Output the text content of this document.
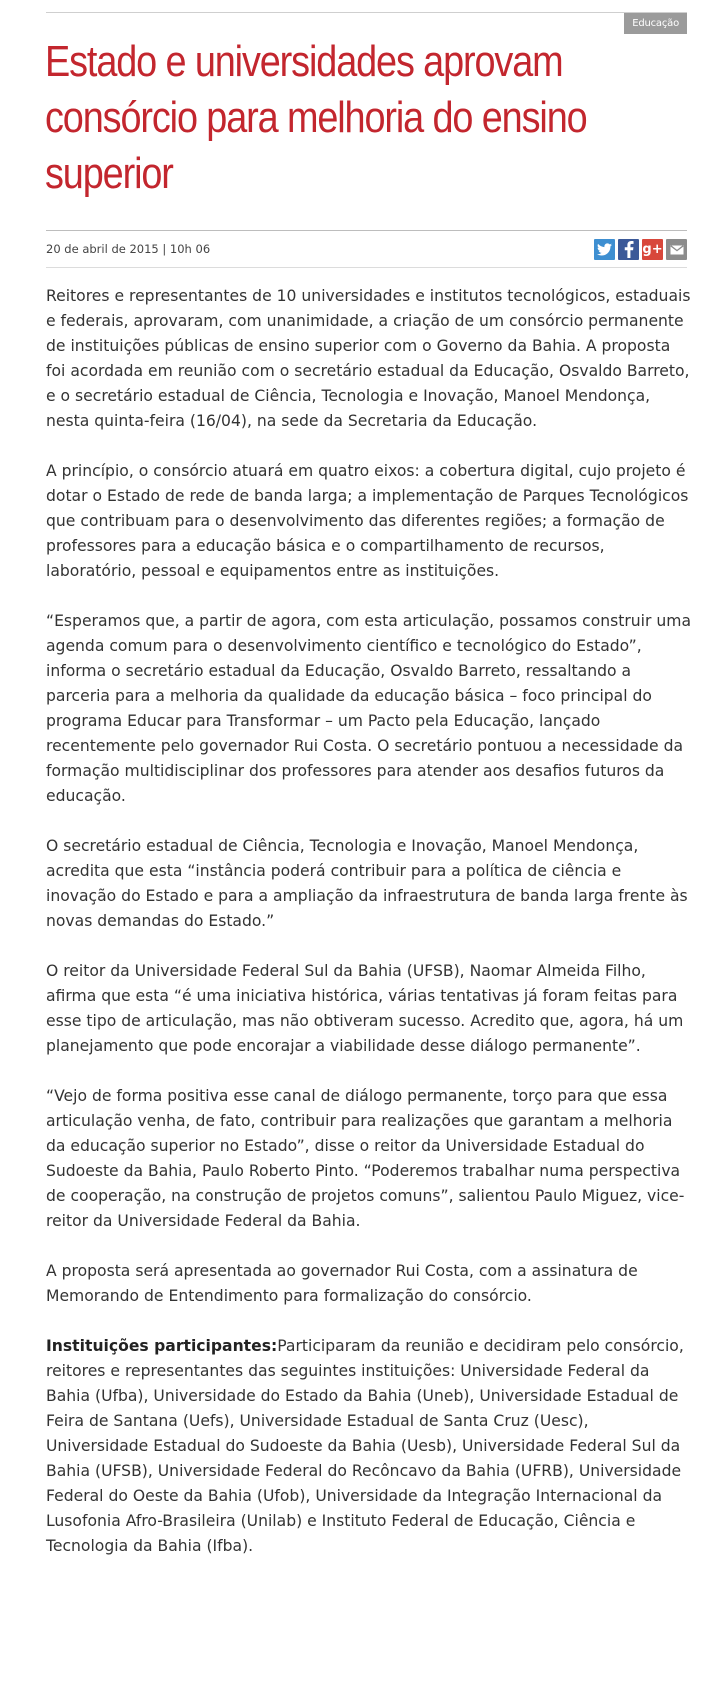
Educação
Estado e universidades aprovam
consórcio para melhoria do ensino
superior
20 de abril de 2015 | 10h 06	g+

Reitores e representantes de 10 universidades e institutos tecnológicos, estaduais e federais, aprovaram, com unanimidade, a criação de um consórcio permanente de instituições públicas de ensino superior com o Governo da Bahia. A proposta foi acordada em reunião com o secretário estadual da Educação, Osvaldo Barreto, e o secretário estadual de Ciência, Tecnologia e Inovação, Manoel Mendonça, nesta quinta-feira (16/04), na sede da Secretaria da Educação.

A princípio, o consórcio atuará em quatro eixos: a cobertura digital, cujo projeto é dotar o Estado de rede de banda larga; a implementação de Parques Tecnológicos que contribuam para o desenvolvimento das diferentes regiões; a formação de professores para a educação básica e o compartilhamento de recursos, laboratório, pessoal e equipamentos entre as instituições.

“Esperamos que, a partir de agora, com esta articulação, possamos construir uma agenda comum para o desenvolvimento científico e tecnológico do Estado”, informa o secretário estadual da Educação, Osvaldo Barreto, ressaltando a parceria para a melhoria da qualidade da educação básica – foco principal do programa Educar para Transformar – um Pacto pela Educação, lançado recentemente pelo governador Rui Costa. O secretário pontuou a necessidade da formação multidisciplinar dos professores para atender aos desafios futuros da educação.

O secretário estadual de Ciência, Tecnologia e Inovação, Manoel Mendonça, acredita que esta “instância poderá contribuir para a política de ciência e inovação do Estado e para a ampliação da infraestrutura de banda larga frente às novas demandas do Estado.”

O reitor da Universidade Federal Sul da Bahia (UFSB), Naomar Almeida Filho, afirma que esta “é uma iniciativa histórica, várias tentativas já foram feitas para esse tipo de articulação, mas não obtiveram sucesso. Acredito que, agora, há um planejamento que pode encorajar a viabilidade desse diálogo permanente”.

“Vejo de forma positiva esse canal de diálogo permanente, torço para que essa articulação venha, de fato, contribuir para realizações que garantam a melhoria da educação superior no Estado”, disse o reitor da Universidade Estadual do Sudoeste da Bahia, Paulo Roberto Pinto. “Poderemos trabalhar numa perspectiva de cooperação, na construção de projetos comuns”, salientou Paulo Miguez, vice-reitor da Universidade Federal da Bahia.

A proposta será apresentada ao governador Rui Costa, com a assinatura de Memorando de Entendimento para formalização do consórcio.

Instituições participantes:Participaram da reunião e decidiram pelo consórcio, reitores e representantes das seguintes instituições: Universidade Federal da Bahia (Ufba), Universidade do Estado da Bahia (Uneb), Universidade Estadual de Feira de Santana (Uefs), Universidade Estadual de Santa Cruz (Uesc), Universidade Estadual do Sudoeste da Bahia (Uesb), Universidade Federal Sul da Bahia (UFSB), Universidade Federal do Recôncavo da Bahia (UFRB), Universidade Federal do Oeste da Bahia (Ufob), Universidade da Integração Internacional da Lusofonia Afro-Brasileira (Unilab) e Instituto Federal de Educação, Ciência e Tecnologia da Bahia (Ifba).
